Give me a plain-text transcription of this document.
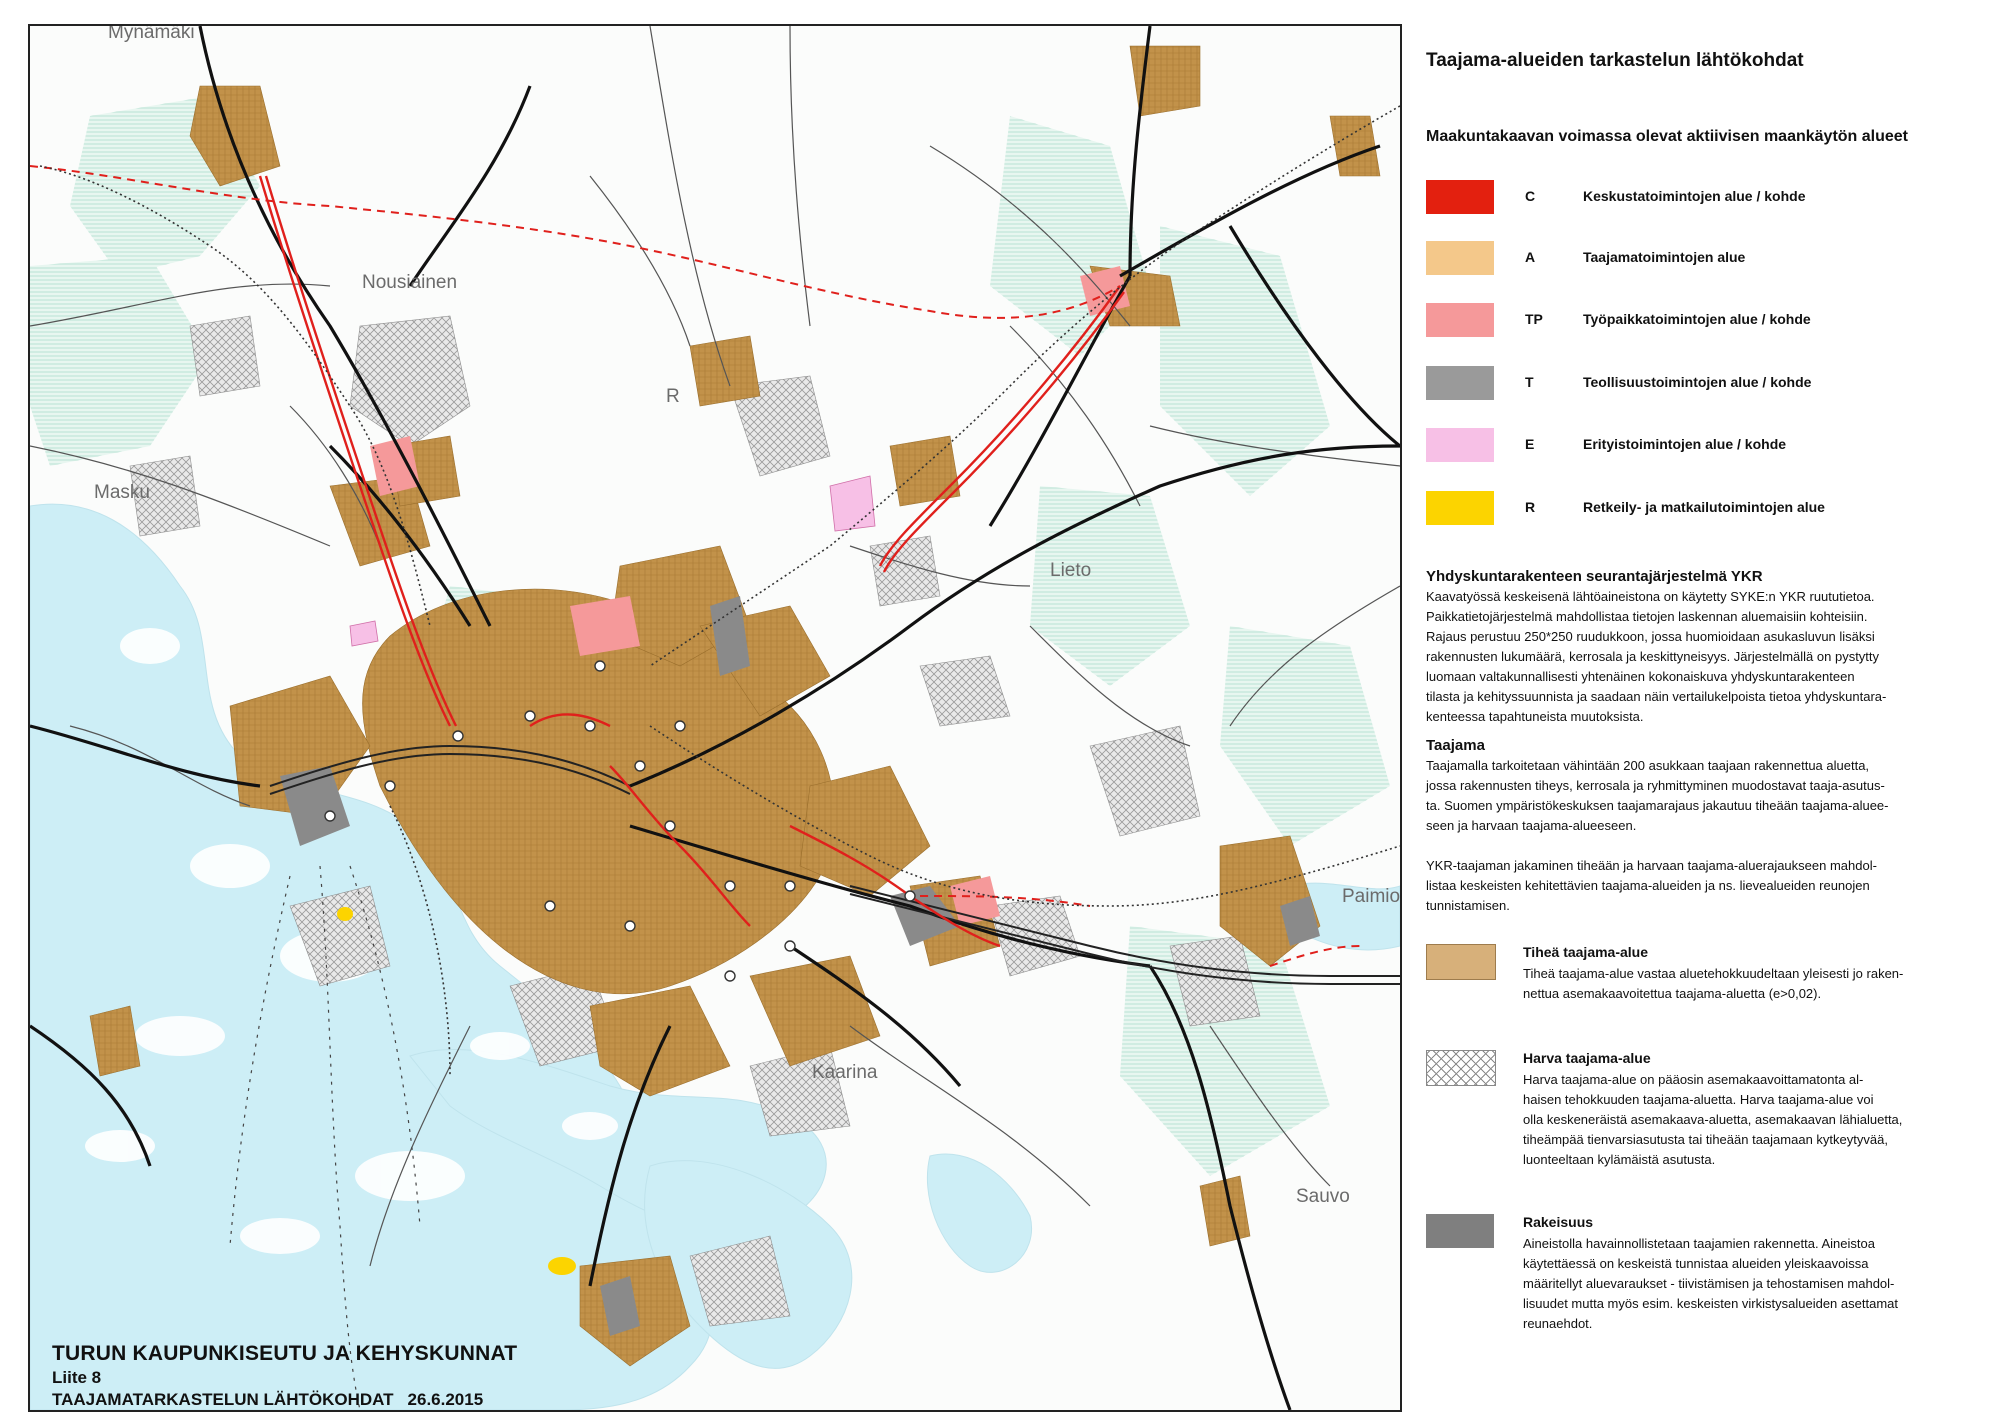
Mynämäki
Nousiainen
Masku
Lieto
Paimio
Kaarina
Sauvo
R
TURUN KAUPUNKISEUTU JA KEHYSKUNNAT
Liite 8
TAAJAMATARKASTELUN LÄHTÖKOHDAT 26.6.2015
Taajama-alueiden tarkastelun lähtökohdat
Maakuntakaavan voimassa olevat aktiivisen maankäytön alueet
C	Keskustatoimintojen alue / kohde
A	Taajamatoimintojen alue
TP	Työpaikkatoimintojen alue / kohde
T	Teollisuustoimintojen alue / kohde
E	Erityistoimintojen alue / kohde
R	Retkeily- ja matkailutoimintojen alue
Yhdyskuntarakenteen seurantajärjestelmä YKR
Kaavatyössä keskeisenä lähtöaineistona on käytetty SYKE:n YKR ruututietoa.
Paikkatietojärjestelmä mahdollistaa tietojen laskennan aluemaisiin kohteisiin.
Rajaus perustuu 250*250 ruudukkoon, jossa huomioidaan asukasluvun lisäksi
rakennusten lukumäärä, kerrosala ja keskittyneisyys. Järjestelmällä on pystytty
luomaan valtakunnallisesti yhtenäinen kokonaiskuva yhdyskuntarakenteen
tilasta ja kehityssuunnista ja saadaan näin vertailukelpoista tietoa yhdyskuntara-
kenteessa tapahtuneista muutoksista.
Taajama
Taajamalla tarkoitetaan vähintään 200 asukkaan taajaan rakennettua aluetta,
jossa rakennusten tiheys, kerrosala ja ryhmittyminen muodostavat taaja-asutus-
ta. Suomen ympäristökeskuksen taajamarajaus jakautuu tiheään taajama-aluee-
seen ja harvaan taajama-alueeseen.
YKR-taajaman jakaminen tiheään ja harvaan taajama-aluerajaukseen mahdol-
listaa keskeisten kehitettävien taajama-alueiden ja ns. lievealueiden reunojen
tunnistamisen.
Tiheä taajama-alue
Tiheä taajama-alue vastaa aluetehokkuudeltaan yleisesti jo raken-
nettua asemakaavoitettua taajama-aluetta (e>0,02).
Harva taajama-alue
Harva taajama-alue on pääosin asemakaavoittamatonta al-
haisen tehokkuuden taajama-aluetta. Harva taajama-alue voi
olla keskeneräistä asemakaava-aluetta, asemakaavan lähialuetta,
tiheämpää tienvarsiasutusta tai tiheään taajamaan kytkeytyvää,
luonteeltaan kylämäistä asutusta.
Rakeisuus
Aineistolla havainnollistetaan taajamien rakennetta. Aineistoa
käytettäessä on keskeistä tunnistaa alueiden yleiskaavoissa
määritellyt aluevaraukset - tiivistämisen ja tehostamisen mahdol-
lisuudet mutta myös esim. keskeisten virkistysalueiden asettamat
reunaehdot.
